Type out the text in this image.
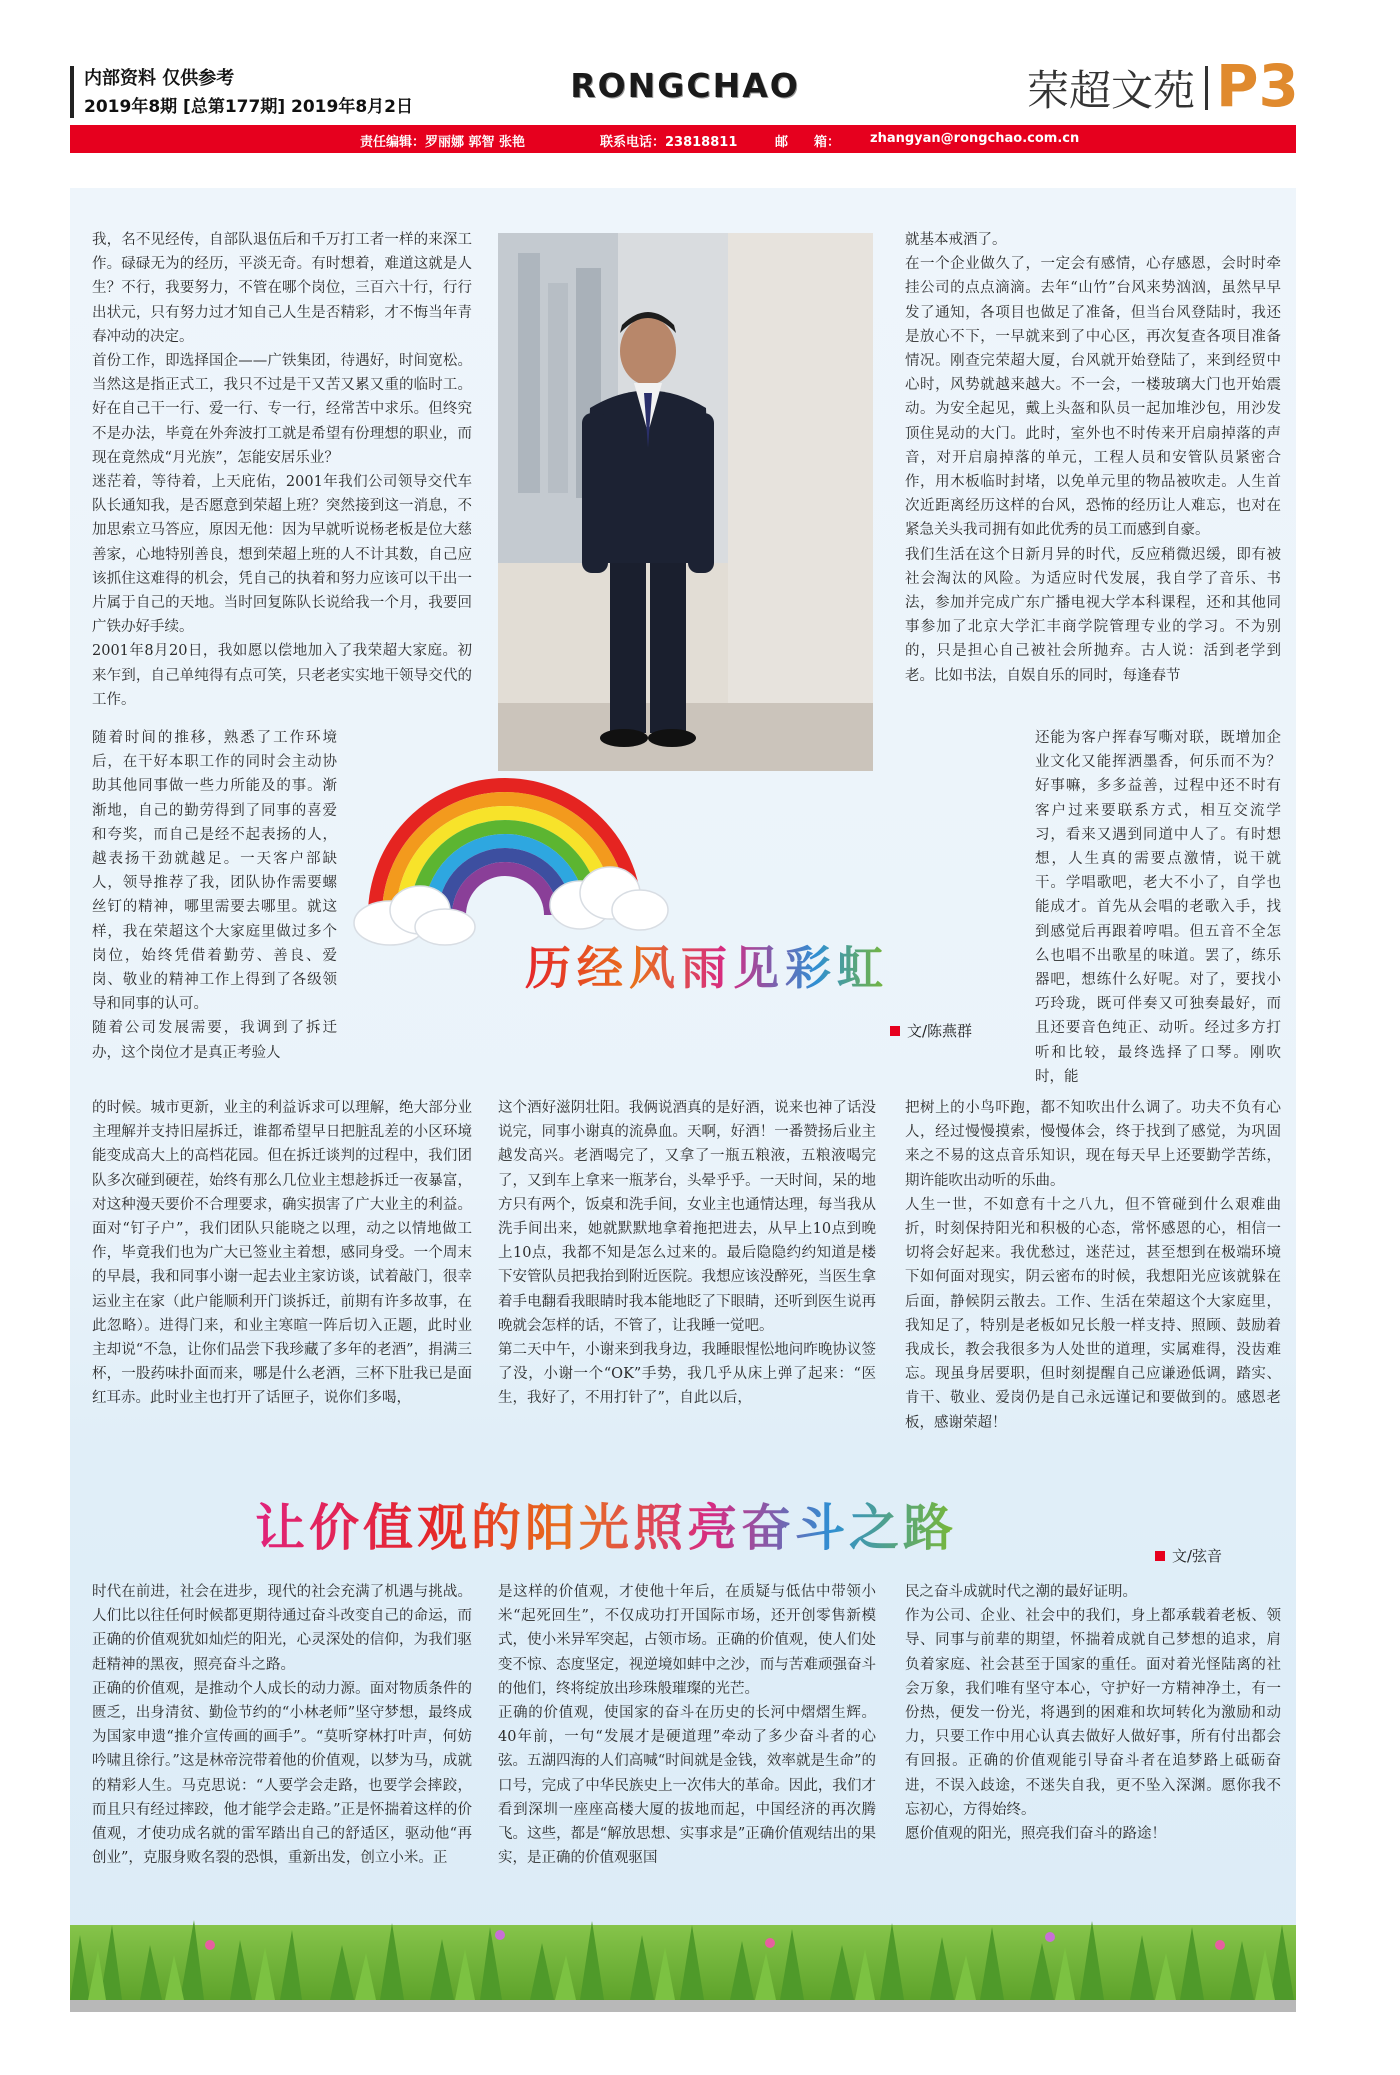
内部资料 仅供参考
2019年8期 [总第177期] 2019年8月2日
RONGCHAO	荣超文苑 P3
责任编辑：罗丽娜 郭智 张艳	联系电话：23818811	邮　　箱： zhangyan@rongchao.com.cn
我，名不见经传，自部队退伍后和千万打工者一样的来深工作。碌碌无为的经历，平淡无奇。有时想着，难道这就是人生？不行，我要努力，不管在哪个岗位，三百六十行，行行出状元，只有努力过才知自己人生是否精彩，才不悔当年青春冲动的决定。
首份工作，即选择国企——广铁集团，待遇好，时间宽松。当然这是指正式工，我只不过是干又苦又累又重的临时工。好在自己干一行、爱一行、专一行，经常苦中求乐。但终究不是办法，毕竟在外奔波打工就是希望有份理想的职业，而现在竟然成“月光族”，怎能安居乐业？
迷茫着，等待着，上天庇佑，2001年我们公司领导交代车队长通知我，是否愿意到荣超上班？突然接到这一消息，不加思索立马答应，原因无他：因为早就听说杨老板是位大慈善家，心地特别善良，想到荣超上班的人不计其数，自己应该抓住这难得的机会，凭自己的执着和努力应该可以干出一片属于自己的天地。当时回复陈队长说给我一个月，我要回广铁办好手续。
2001年8月20日，我如愿以偿地加入了我荣超大家庭。初来乍到，自己单纯得有点可笑，只老老实实地干领导交代的工作。
随着时间的推移，熟悉了工作环境后，在干好本职工作的同时会主动协助其他同事做一些力所能及的事。渐渐地，自己的勤劳得到了同事的喜爱和夸奖，而自己是经不起表扬的人，越表扬干劲就越足。一天客户部缺人，领导推荐了我，团队协作需要螺丝钉的精神，哪里需要去哪里。就这样，我在荣超这个大家庭里做过多个岗位，始终凭借着勤劳、善良、爱岗、敬业的精神工作上得到了各级领导和同事的认可。
随着公司发展需要，我调到了拆迁办，这个岗位才是真正考验人
的时候。城市更新，业主的利益诉求可以理解，绝大部分业主理解并支持旧屋拆迁，谁都希望早日把脏乱差的小区环境能变成高大上的高档花园。但在拆迁谈判的过程中，我们团队多次碰到硬茬，始终有那么几位业主想趁拆迁一夜暴富，对这种漫天要价不合理要求，确实损害了广大业主的利益。面对“钉子户”，我们团队只能晓之以理，动之以情地做工作，毕竟我们也为广大已签业主着想，感同身受。一个周末的早晨，我和同事小谢一起去业主家访谈，试着敲门，很幸运业主在家（此户能顺利开门谈拆迁，前期有许多故事，在此忽略）。进得门来，和业主寒暄一阵后切入正题，此时业主却说“不急，让你们品尝下我珍藏了多年的老酒”，捐满三杯，一股药味扑面而来，哪是什么老酒，三杯下肚我已是面红耳赤。此时业主也打开了话匣子，说你们多喝，
这个酒好滋阴壮阳。我俩说酒真的是好酒，说来也神了话没说完，同事小谢真的流鼻血。天啊，好酒！一番赞扬后业主越发高兴。老酒喝完了，又拿了一瓶五粮液，五粮液喝完了，又到车上拿来一瓶茅台，头晕乎乎。一天时间，呆的地方只有两个，饭桌和洗手间，女业主也通情达理，每当我从洗手间出来，她就默默地拿着拖把进去，从早上10点到晚上10点，我都不知是怎么过来的。最后隐隐约约知道是楼下安管队员把我抬到附近医院。我想应该没醉死，当医生拿着手电翻看我眼睛时我本能地眨了下眼睛，还听到医生说再晚就会怎样的话，不管了，让我睡一觉吧。
第二天中午，小谢来到我身边，我睡眼惺忪地问昨晚协议签了没，小谢一个“OK”手势，我几乎从床上弹了起来：“医生，我好了，不用打针了”，自此以后，
就基本戒酒了。
在一个企业做久了，一定会有感情，心存感恩，会时时牵挂公司的点点滴滴。去年“山竹”台风来势汹汹，虽然早早发了通知，各项目也做足了准备，但当台风登陆时，我还是放心不下，一早就来到了中心区，再次复查各项目准备情况。刚查完荣超大厦，台风就开始登陆了，来到经贸中心时，风势就越来越大。不一会，一楼玻璃大门也开始震动。为安全起见，戴上头盔和队员一起加堆沙包，用沙发顶住晃动的大门。此时，室外也不时传来开启扇掉落的声音，对开启扇掉落的单元，工程人员和安管队员紧密合作，用木板临时封堵，以免单元里的物品被吹走。人生首次近距离经历这样的台风，恐怖的经历让人难忘，也对在紧急关头我司拥有如此优秀的员工而感到自豪。
我们生活在这个日新月异的时代，反应稍微迟缓，即有被社会淘汰的风险。为适应时代发展，我自学了音乐、书法，参加并完成广东广播电视大学本科课程，还和其他同事参加了北京大学汇丰商学院管理专业的学习。不为别的，只是担心自己被社会所抛弃。古人说：活到老学到老。比如书法，自娱自乐的同时，每逢春节
还能为客户挥春写嘶对联，既增加企业文化又能挥洒墨香，何乐而不为？好事嘛，多多益善，过程中还不时有客户过来要联系方式，相互交流学习，看来又遇到同道中人了。有时想想，人生真的需要点激情，说干就干。学唱歌吧，老大不小了，自学也能成才。首先从会唱的老歌入手，找到感觉后再跟着哼唱。但五音不全怎么也唱不出歌星的味道。罢了，练乐器吧，想练什么好呢。对了，要找小巧玲珑，既可伴奏又可独奏最好，而且还要音色纯正、动听。经过多方打听和比较，最终选择了口琴。刚吹时，能
把树上的小鸟吓跑，都不知吹出什么调了。功夫不负有心人，经过慢慢摸索，慢慢体会，终于找到了感觉，为巩固来之不易的这点音乐知识，现在每天早上还要勤学苦练，期许能吹出动听的乐曲。
人生一世，不如意有十之八九，但不管碰到什么艰难曲折，时刻保持阳光和积极的心态，常怀感恩的心，相信一切将会好起来。我优愁过，迷茫过，甚至想到在极端环境下如何面对现实，阴云密布的时候，我想阳光应该就躲在后面，静候阴云散去。工作、生活在荣超这个大家庭里，我知足了，特别是老板如兄长般一样支持、照顾、鼓励着我成长，教会我很多为人处世的道理，实属难得，没齿难忘。现虽身居要职，但时刻提醒自己应谦逊低调，踏实、肯干、敬业、爱岗仍是自己永远谨记和要做到的。感恩老板，感谢荣超！
历经风雨见彩虹
文/陈燕群
让价值观的阳光照亮奋斗之路	文/弦音
时代在前进，社会在进步，现代的社会充满了机遇与挑战。人们比以往任何时候都更期待通过奋斗改变自己的命运，而正确的价值观犹如灿烂的阳光，心灵深处的信仰，为我们驱赶精神的黑夜，照亮奋斗之路。
正确的价值观，是推动个人成长的动力源。面对物质条件的匮乏，出身清贫、勤俭节约的“小林老师”坚守梦想，最终成为国家申遗“推介宣传画的画手”。“莫听穿林打叶声，何妨吟啸且徐行。”这是林帝浣带着他的价值观，以梦为马，成就的精彩人生。马克思说：“人要学会走路，也要学会摔跤，而且只有经过摔跤，他才能学会走路。”正是怀揣着这样的价值观，才使功成名就的雷军踏出自己的舒适区，驱动他“再创业”，克服身败名裂的恐惧，重新出发，创立小米。正
是这样的价值观，才使他十年后，在质疑与低估中带领小米“起死回生”，不仅成功打开国际市场，还开创零售新模式，使小米异军突起，占领市场。正确的价值观，使人们处变不惊、态度坚定，视逆境如蚌中之沙，而与苦难顽强奋斗的他们，终将绽放出珍珠般璀璨的光芒。
正确的价值观，使国家的奋斗在历史的长河中熠熠生辉。40年前，一句“发展才是硬道理”牵动了多少奋斗者的心弦。五湖四海的人们高喊“时间就是金钱，效率就是生命”的口号，完成了中华民族史上一次伟大的革命。因此，我们才看到深圳一座座高楼大厦的拔地而起，中国经济的再次腾飞。这些，都是“解放思想、实事求是”正确价值观结出的果实，是正确的价值观驱国
民之奋斗成就时代之潮的最好证明。
作为公司、企业、社会中的我们，身上都承载着老板、领导、同事与前辈的期望，怀揣着成就自己梦想的追求，肩负着家庭、社会甚至于国家的重任。面对着光怪陆离的社会万象，我们唯有坚守本心，守护好一方精神净土，有一份热，便发一份光，将遇到的困难和坎坷转化为激励和动力，只要工作中用心认真去做好人做好事，所有付出都会有回报。正确的价值观能引导奋斗者在追梦路上砥砺奋进，不误入歧途，不迷失自我，更不坠入深渊。愿你我不忘初心，方得始终。
愿价值观的阳光，照亮我们奋斗的路途！
